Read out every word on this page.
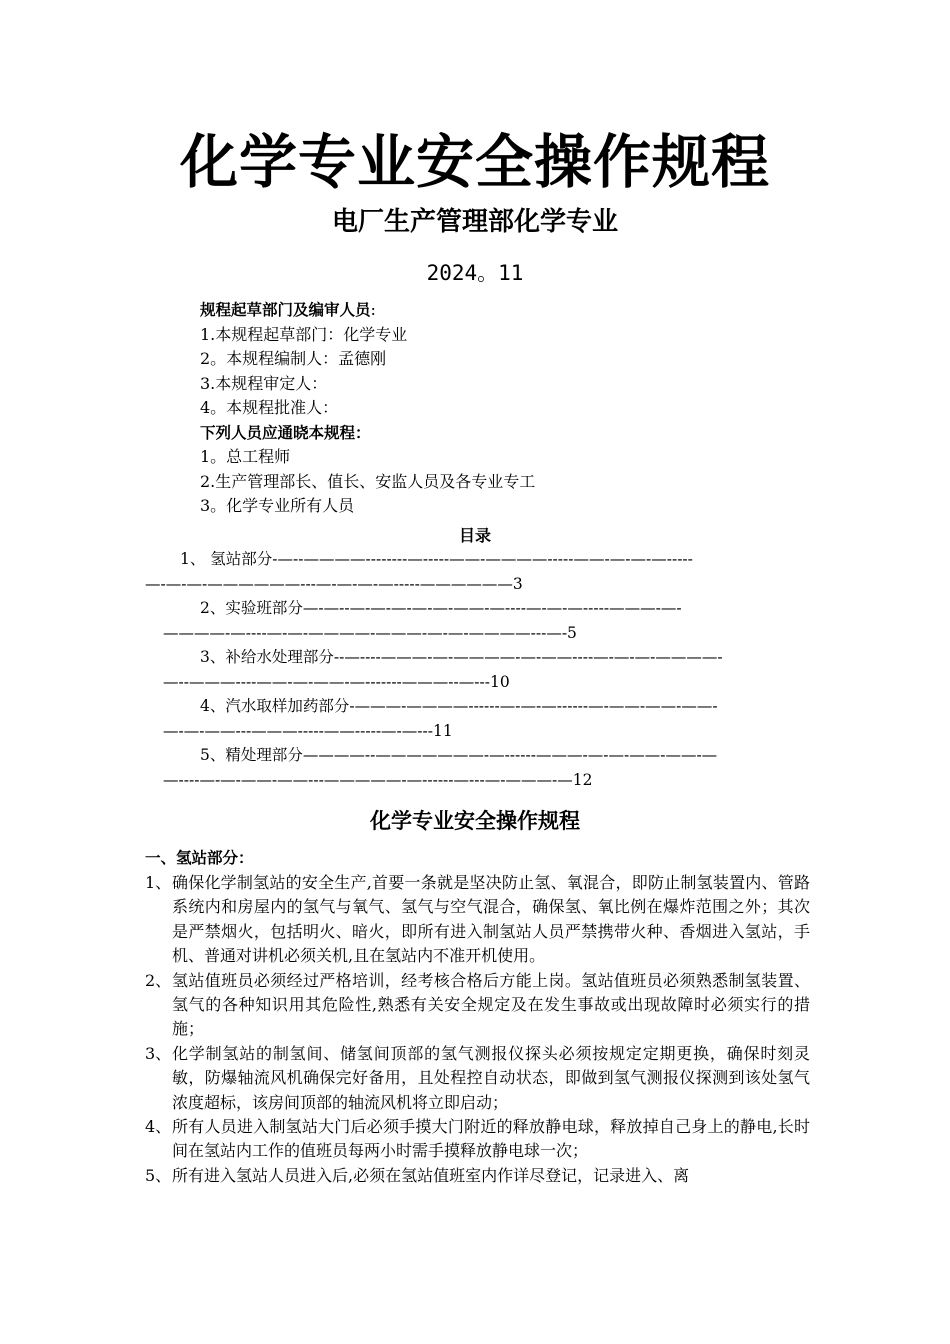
化学专业安全操作规程
电厂生产管理部化学专业
2024。11
规程起草部门及编审人员:
1.本规程起草部门：化学专业
2。本规程编制人：孟德刚
3.本规程审定人：
4。本规程批准人：
下列人员应通晓本规程：
1。总工程师
2.生产管理部长、值长、安监人员及各专业专工
3。化学专业所有人员
目录
1、 氢站部分-—--————--------—-----——-————-----——-—-—-—-----
—-—-—-——————---—-—-—-—-----——————3
2、实验班部分—-—--—-—-—-—-—-——-—----—-—-—-----———-—-
————-—----—-—-————-———-—-—-————---—-5
3、补给水处理部分--—----———-—-————-—-——----—-—-—-————-
—--———----——-—-——-—-------———--—---10
4、汽水取样加药部分-———-————------—-—-—------—-——-——-——-
—-—-——---———-----——-----—-—---11
5、精处理部分————--———————-—------———-—-—-——-——-—
—----—-—-——-——---—————-—------—---—-———-—12
化学专业安全操作规程
一、氢站部分：
1、 确保化学制氢站的安全生产,首要一条就是坚决防止氢、氧混合，即防止制氢装置内、管路系统内和房屋内的氢气与氧气、氢气与空气混合，确保氢、氧比例在爆炸范围之外；其次是严禁烟火，包括明火、暗火，即所有进入制氢站人员严禁携带火种、香烟进入氢站，手机、普通对讲机必须关机,且在氢站内不准开机使用。
2、 氢站值班员必须经过严格培训，经考核合格后方能上岗。氢站值班员必须熟悉制氢装置、氢气的各种知识用其危险性,熟悉有关安全规定及在发生事故或出现故障时必须实行的措施；
3、 化学制氢站的制氢间、储氢间顶部的氢气测报仪探头必须按规定定期更换，确保时刻灵敏，防爆轴流风机确保完好备用，且处程控自动状态，即做到氢气测报仪探测到该处氢气浓度超标，该房间顶部的轴流风机将立即启动；
4、 所有人员进入制氢站大门后必须手摸大门附近的释放静电球，释放掉自己身上的静电,长时间在氢站内工作的值班员每两小时需手摸释放静电球一次；
5、 所有进入氢站人员进入后,必须在氢站值班室内作详尽登记，记录进入、离
